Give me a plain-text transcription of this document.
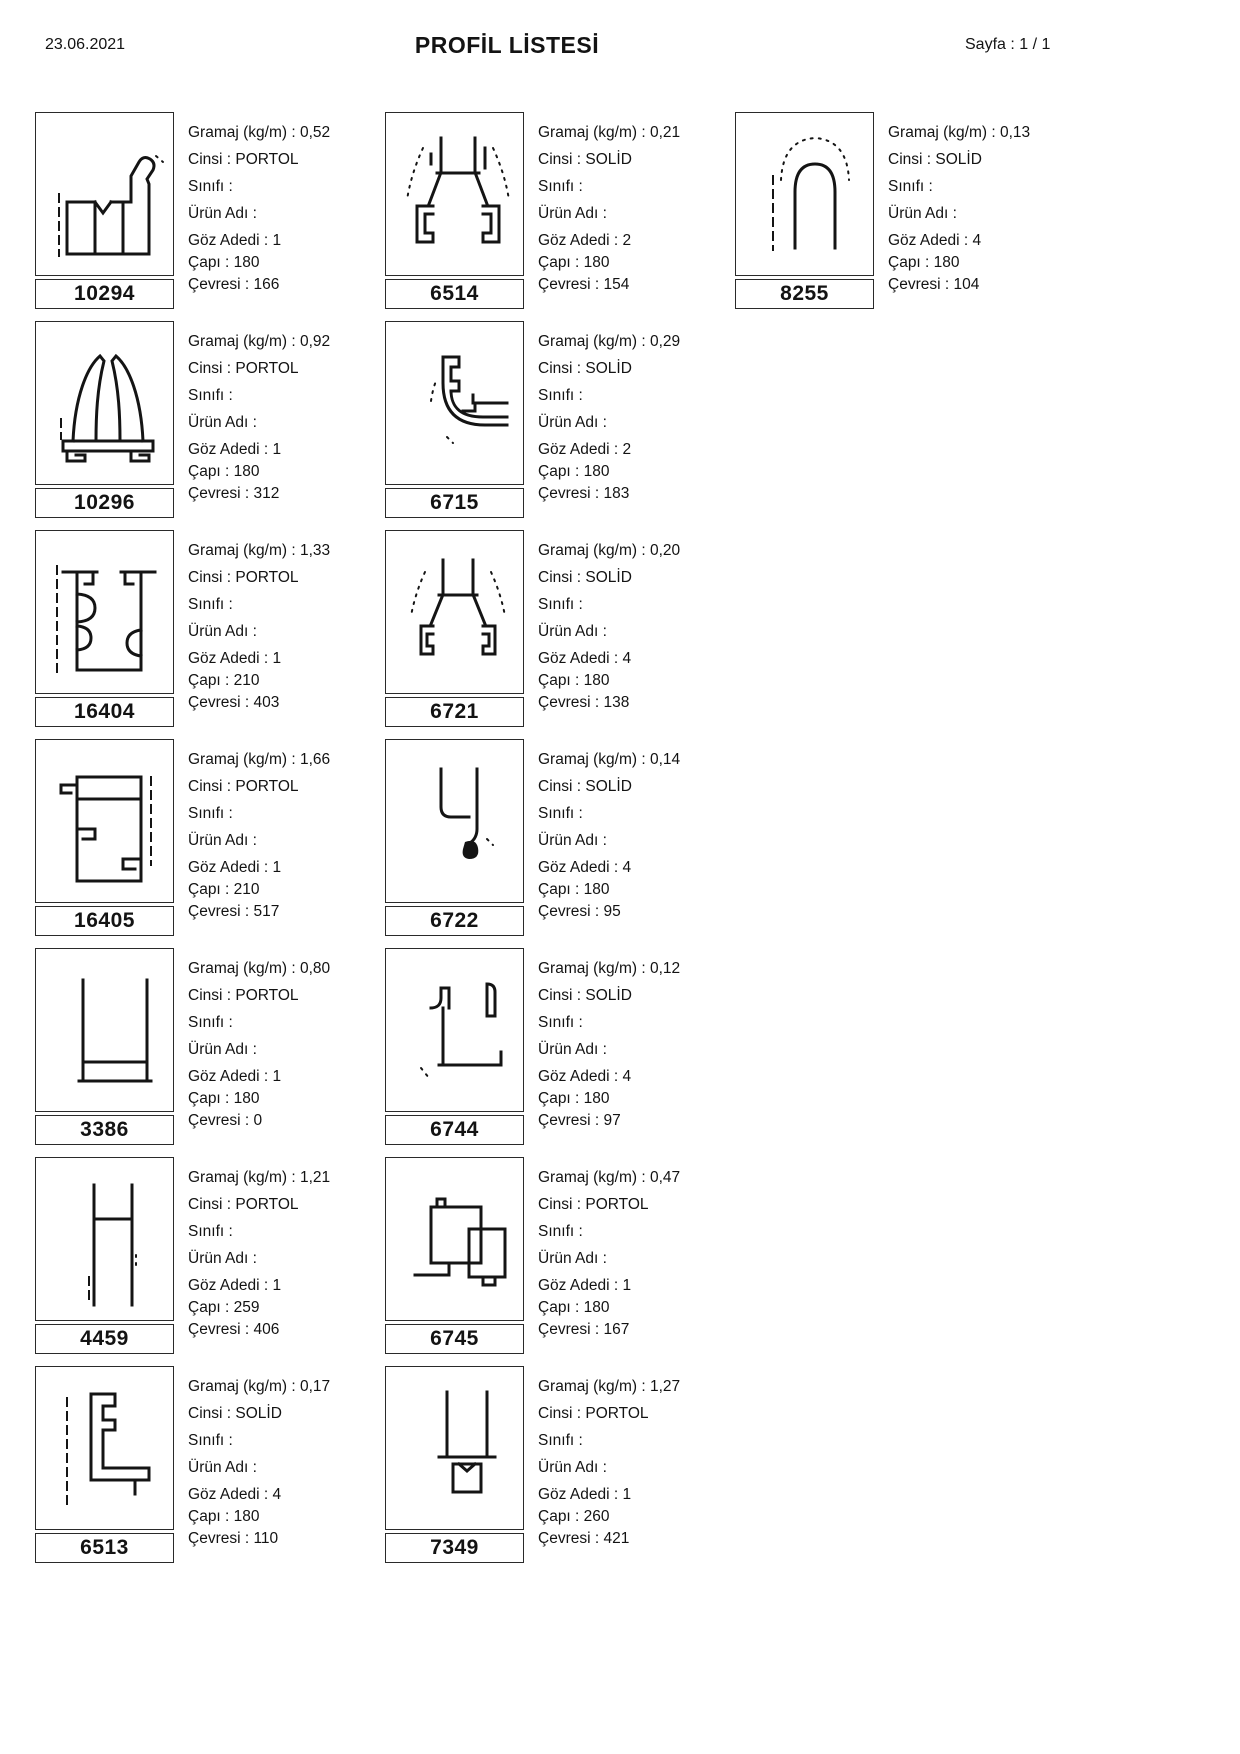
23.06.2021	PROFİL LİSTESİ	Sayfa : 1 / 1
10294
Gramaj (kg/m) : 0,52
Cinsi : PORTOL
Sınıfı :
Ürün Adı :
Göz Adedi : 1
Çapı : 180
Çevresi : 166
10296
Gramaj (kg/m) : 0,92
Cinsi : PORTOL
Sınıfı :
Ürün Adı :
Göz Adedi : 1
Çapı : 180
Çevresi : 312
16404
Gramaj (kg/m) : 1,33
Cinsi : PORTOL
Sınıfı :
Ürün Adı :
Göz Adedi : 1
Çapı : 210
Çevresi : 403
16405
Gramaj (kg/m) : 1,66
Cinsi : PORTOL
Sınıfı :
Ürün Adı :
Göz Adedi : 1
Çapı : 210
Çevresi : 517
3386
Gramaj (kg/m) : 0,80
Cinsi : PORTOL
Sınıfı :
Ürün Adı :
Göz Adedi : 1
Çapı : 180
Çevresi : 0
4459
Gramaj (kg/m) : 1,21
Cinsi : PORTOL
Sınıfı :
Ürün Adı :
Göz Adedi : 1
Çapı : 259
Çevresi : 406
6513
Gramaj (kg/m) : 0,17
Cinsi : SOLİD
Sınıfı :
Ürün Adı :
Göz Adedi : 4
Çapı : 180
Çevresi : 110
6514
Gramaj (kg/m) : 0,21
Cinsi : SOLİD
Sınıfı :
Ürün Adı :
Göz Adedi : 2
Çapı : 180
Çevresi : 154
6715
Gramaj (kg/m) : 0,29
Cinsi : SOLİD
Sınıfı :
Ürün Adı :
Göz Adedi : 2
Çapı : 180
Çevresi : 183
6721
Gramaj (kg/m) : 0,20
Cinsi : SOLİD
Sınıfı :
Ürün Adı :
Göz Adedi : 4
Çapı : 180
Çevresi : 138
6722
Gramaj (kg/m) : 0,14
Cinsi : SOLİD
Sınıfı :
Ürün Adı :
Göz Adedi : 4
Çapı : 180
Çevresi : 95
6744
Gramaj (kg/m) : 0,12
Cinsi : SOLİD
Sınıfı :
Ürün Adı :
Göz Adedi : 4
Çapı : 180
Çevresi : 97
6745
Gramaj (kg/m) : 0,47
Cinsi : PORTOL
Sınıfı :
Ürün Adı :
Göz Adedi : 1
Çapı : 180
Çevresi : 167
7349
Gramaj (kg/m) : 1,27
Cinsi : PORTOL
Sınıfı :
Ürün Adı :
Göz Adedi : 1
Çapı : 260
Çevresi : 421
8255
Gramaj (kg/m) : 0,13
Cinsi : SOLİD
Sınıfı :
Ürün Adı :
Göz Adedi : 4
Çapı : 180
Çevresi : 104
